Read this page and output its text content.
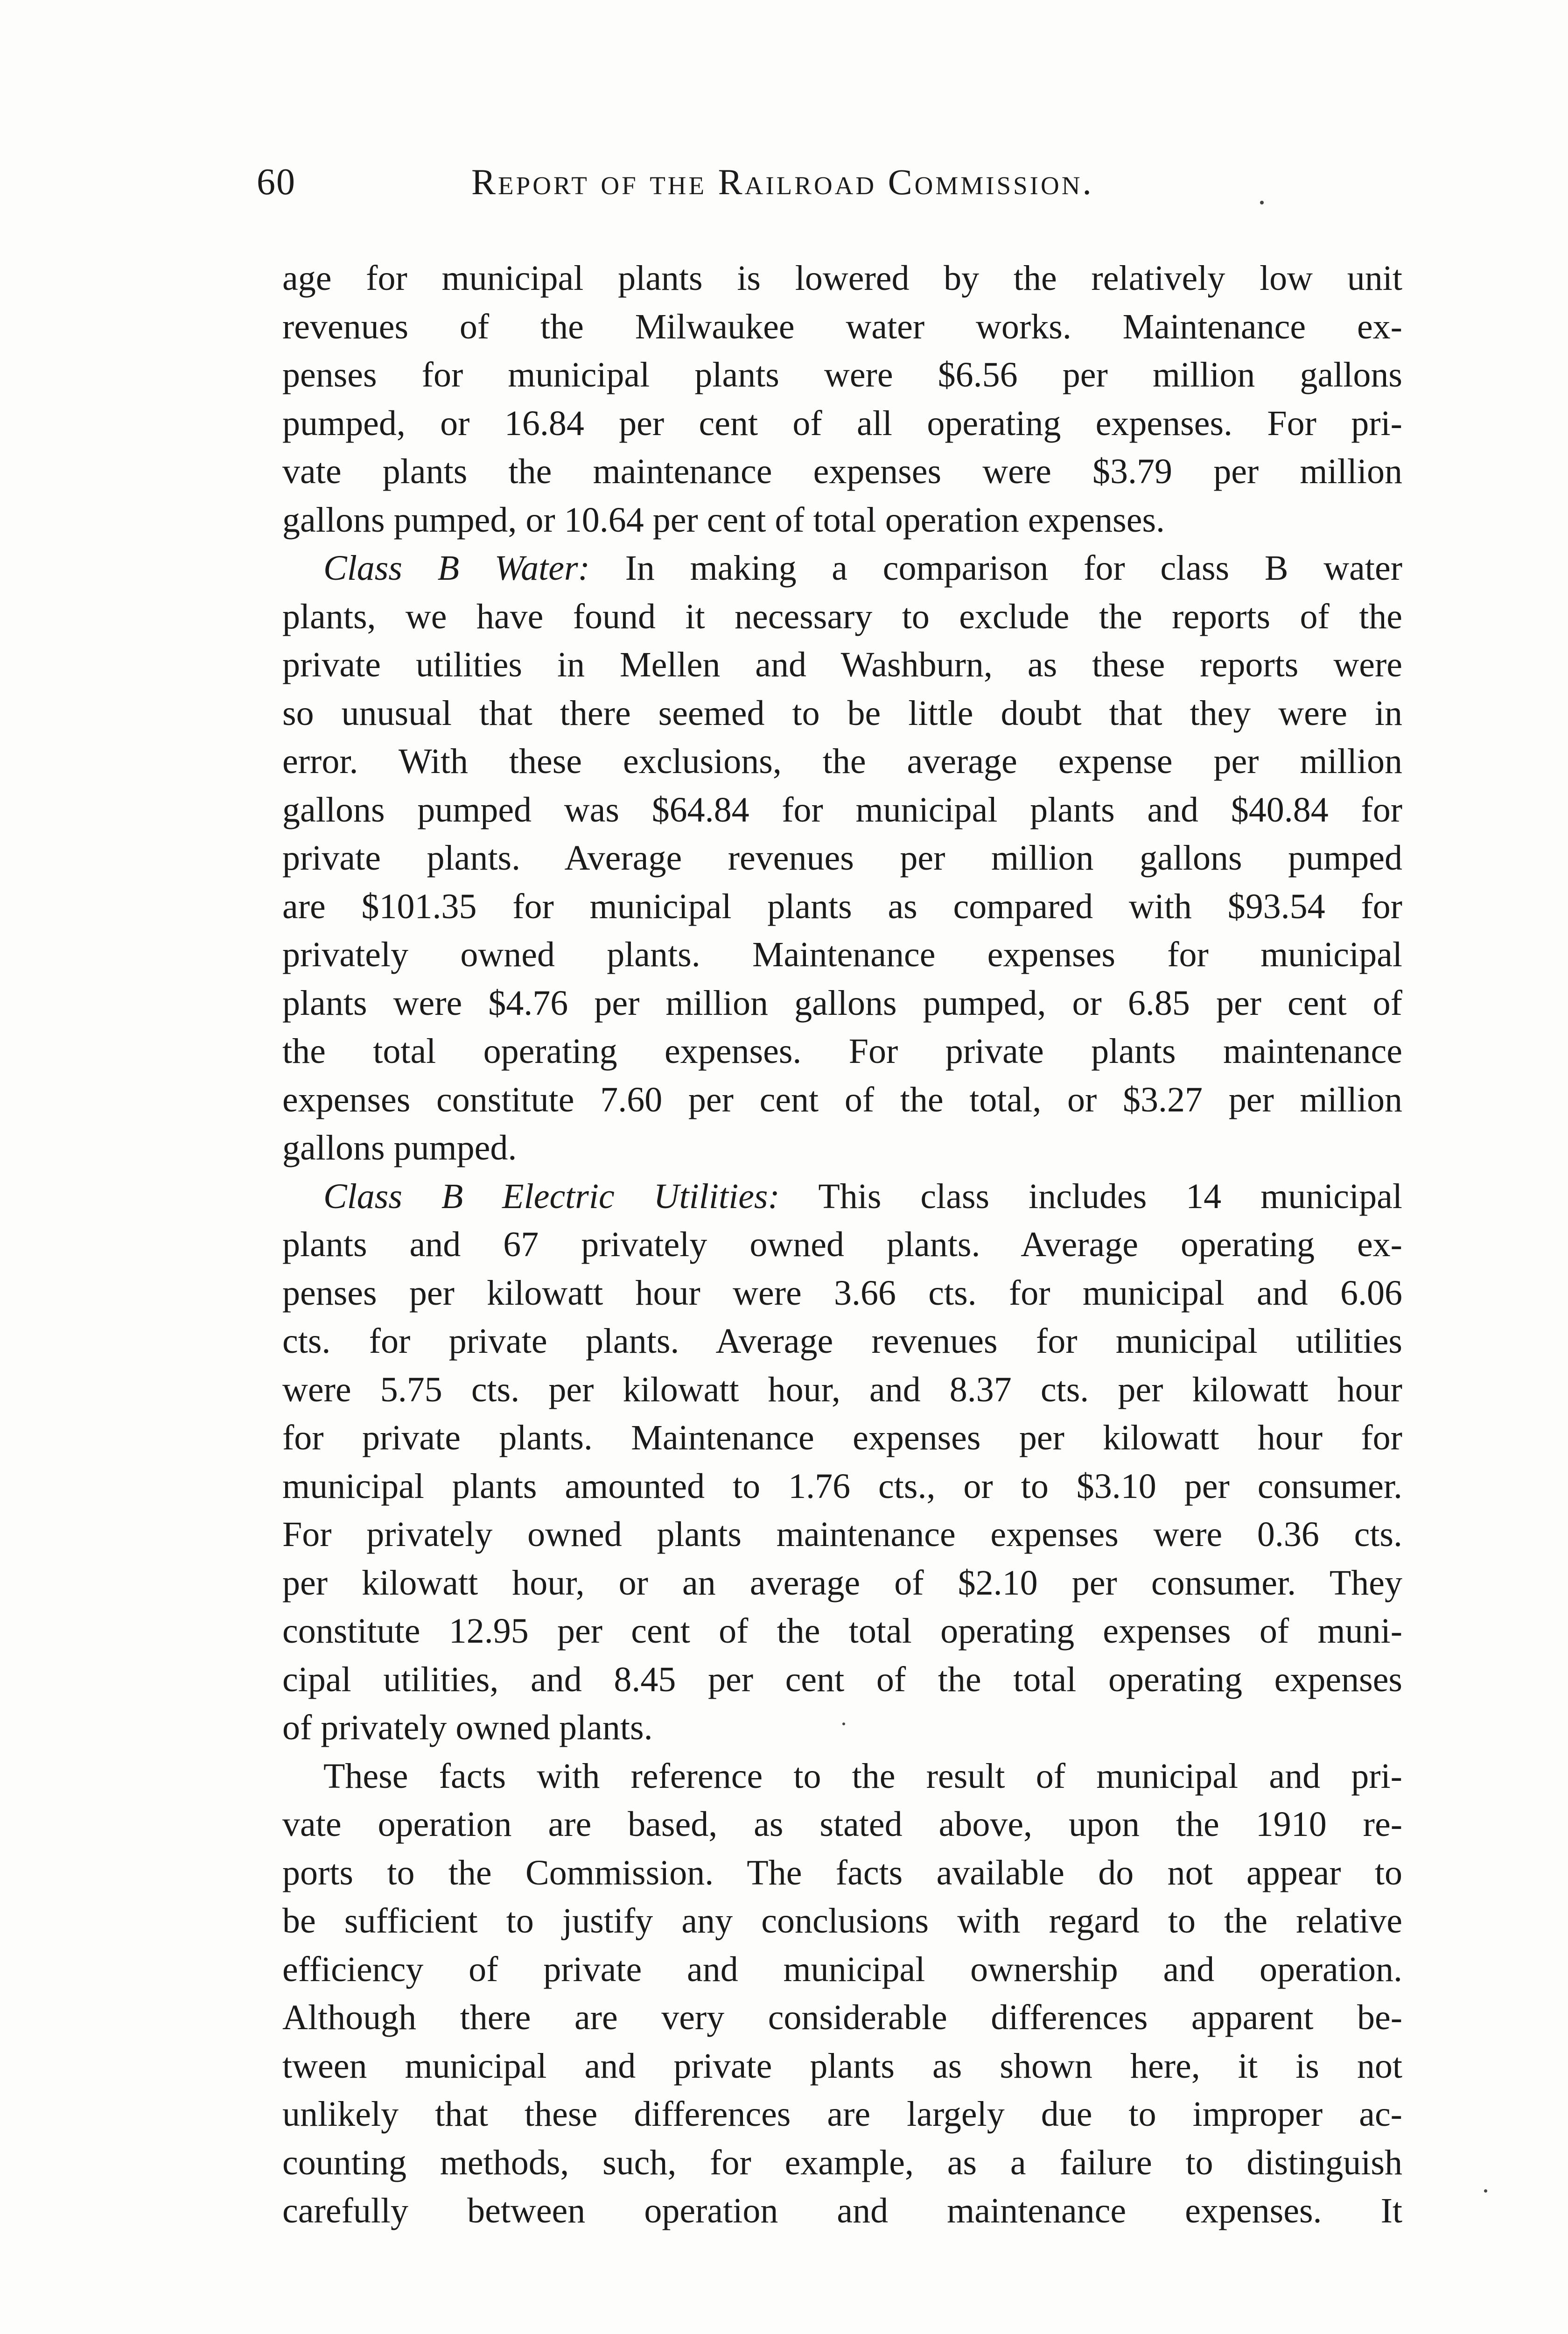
60	Report of the Railroad Commission.
age for municipal plants is lowered by the relatively low unit
revenues of the Milwaukee water works. Maintenance ex-
penses for municipal plants were $6.56 per million gallons
pumped, or 16.84 per cent of all operating expenses. For pri-
vate plants the maintenance expenses were $3.79 per million
gallons pumped, or 10.64 per cent of total operation expenses.
Class B Water: In making a comparison for class B water
plants, we have found it necessary to exclude the reports of the
private utilities in Mellen and Washburn, as these reports were
so unusual that there seemed to be little doubt that they were in
error. With these exclusions, the average expense per million
gallons pumped was $64.84 for municipal plants and $40.84 for
private plants. Average revenues per million gallons pumped
are $101.35 for municipal plants as compared with $93.54 for
privately owned plants. Maintenance expenses for municipal
plants were $4.76 per million gallons pumped, or 6.85 per cent of
the total operating expenses. For private plants maintenance
expenses constitute 7.60 per cent of the total, or $3.27 per million
gallons pumped.
Class B Electric Utilities: This class includes 14 municipal
plants and 67 privately owned plants. Average operating ex-
penses per kilowatt hour were 3.66 cts. for municipal and 6.06
cts. for private plants. Average revenues for municipal utilities
were 5.75 cts. per kilowatt hour, and 8.37 cts. per kilowatt hour
for private plants. Maintenance expenses per kilowatt hour for
municipal plants amounted to 1.76 cts., or to $3.10 per consumer.
For privately owned plants maintenance expenses were 0.36 cts.
per kilowatt hour, or an average of $2.10 per consumer. They
constitute 12.95 per cent of the total operating expenses of muni-
cipal utilities, and 8.45 per cent of the total operating expenses
of privately owned plants.
These facts with reference to the result of municipal and pri-
vate operation are based, as stated above, upon the 1910 re-
ports to the Commission. The facts available do not appear to
be sufficient to justify any conclusions with regard to the relative
efficiency of private and municipal ownership and operation.
Although there are very considerable differences apparent be-
tween municipal and private plants as shown here, it is not
unlikely that these differences are largely due to improper ac-
counting methods, such, for example, as a failure to distinguish
carefully between operation and maintenance expenses. It
